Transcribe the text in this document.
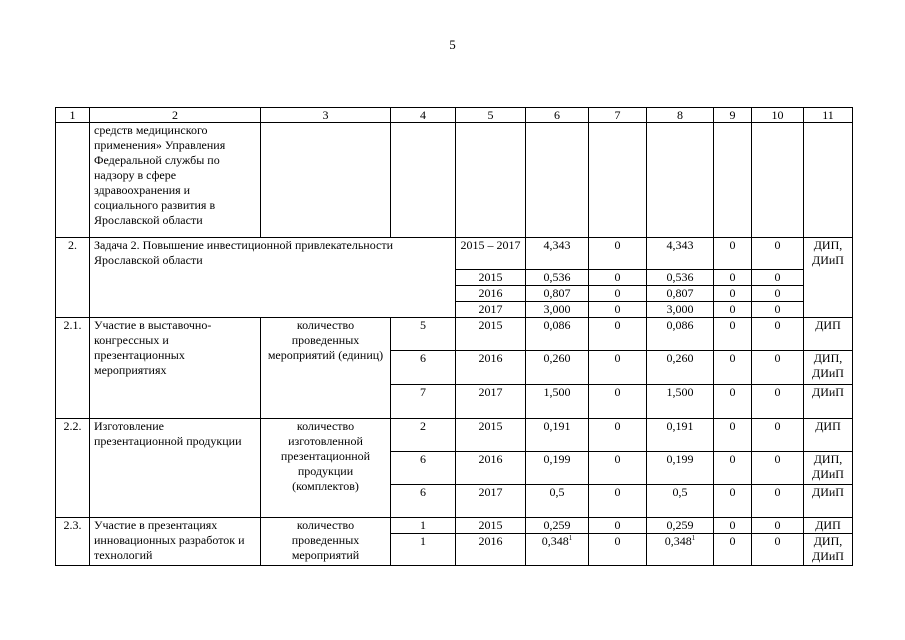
5
1	2	3	4	5	6	7	8	9	10	11
	средств медицинского применения» Управления Федеральной службы по надзору в сфере здравоохранения и социального развития в Ярославской области									
2.	Задача 2. Повышение инвестиционной привлекательности Ярославской области			2015 – 2017	4,343	0	4,343	0	0	ДИП, ДИиП
				2015	0,536	0	0,536	0	0	
				2016	0,807	0	0,807	0	0	
				2017	3,000	0	3,000	0	0	
2.1.	Участие в выставочно-конгрессных и презентационных мероприятиях	количество проведенных мероприятий (единиц)	5	2015	0,086	0	0,086	0	0	ДИП
			6	2016	0,260	0	0,260	0	0	ДИП, ДИиП
			7	2017	1,500	0	1,500	0	0	ДИиП
2.2.	Изготовление презентационной продукции	количество изготовленной презентационной продукции (комплектов)	2	2015	0,191	0	0,191	0	0	ДИП
			6	2016	0,199	0	0,199	0	0	ДИП, ДИиП
			6	2017	0,5	0	0,5	0	0	ДИиП
2.3.	Участие в презентациях инновационных разработок и технологий	количество проведенных мероприятий	1	2015	0,259	0	0,259	0	0	ДИП
			1	2016	0,348$^1$	0	0,348$^1$	0	0	ДИП, ДИиП
